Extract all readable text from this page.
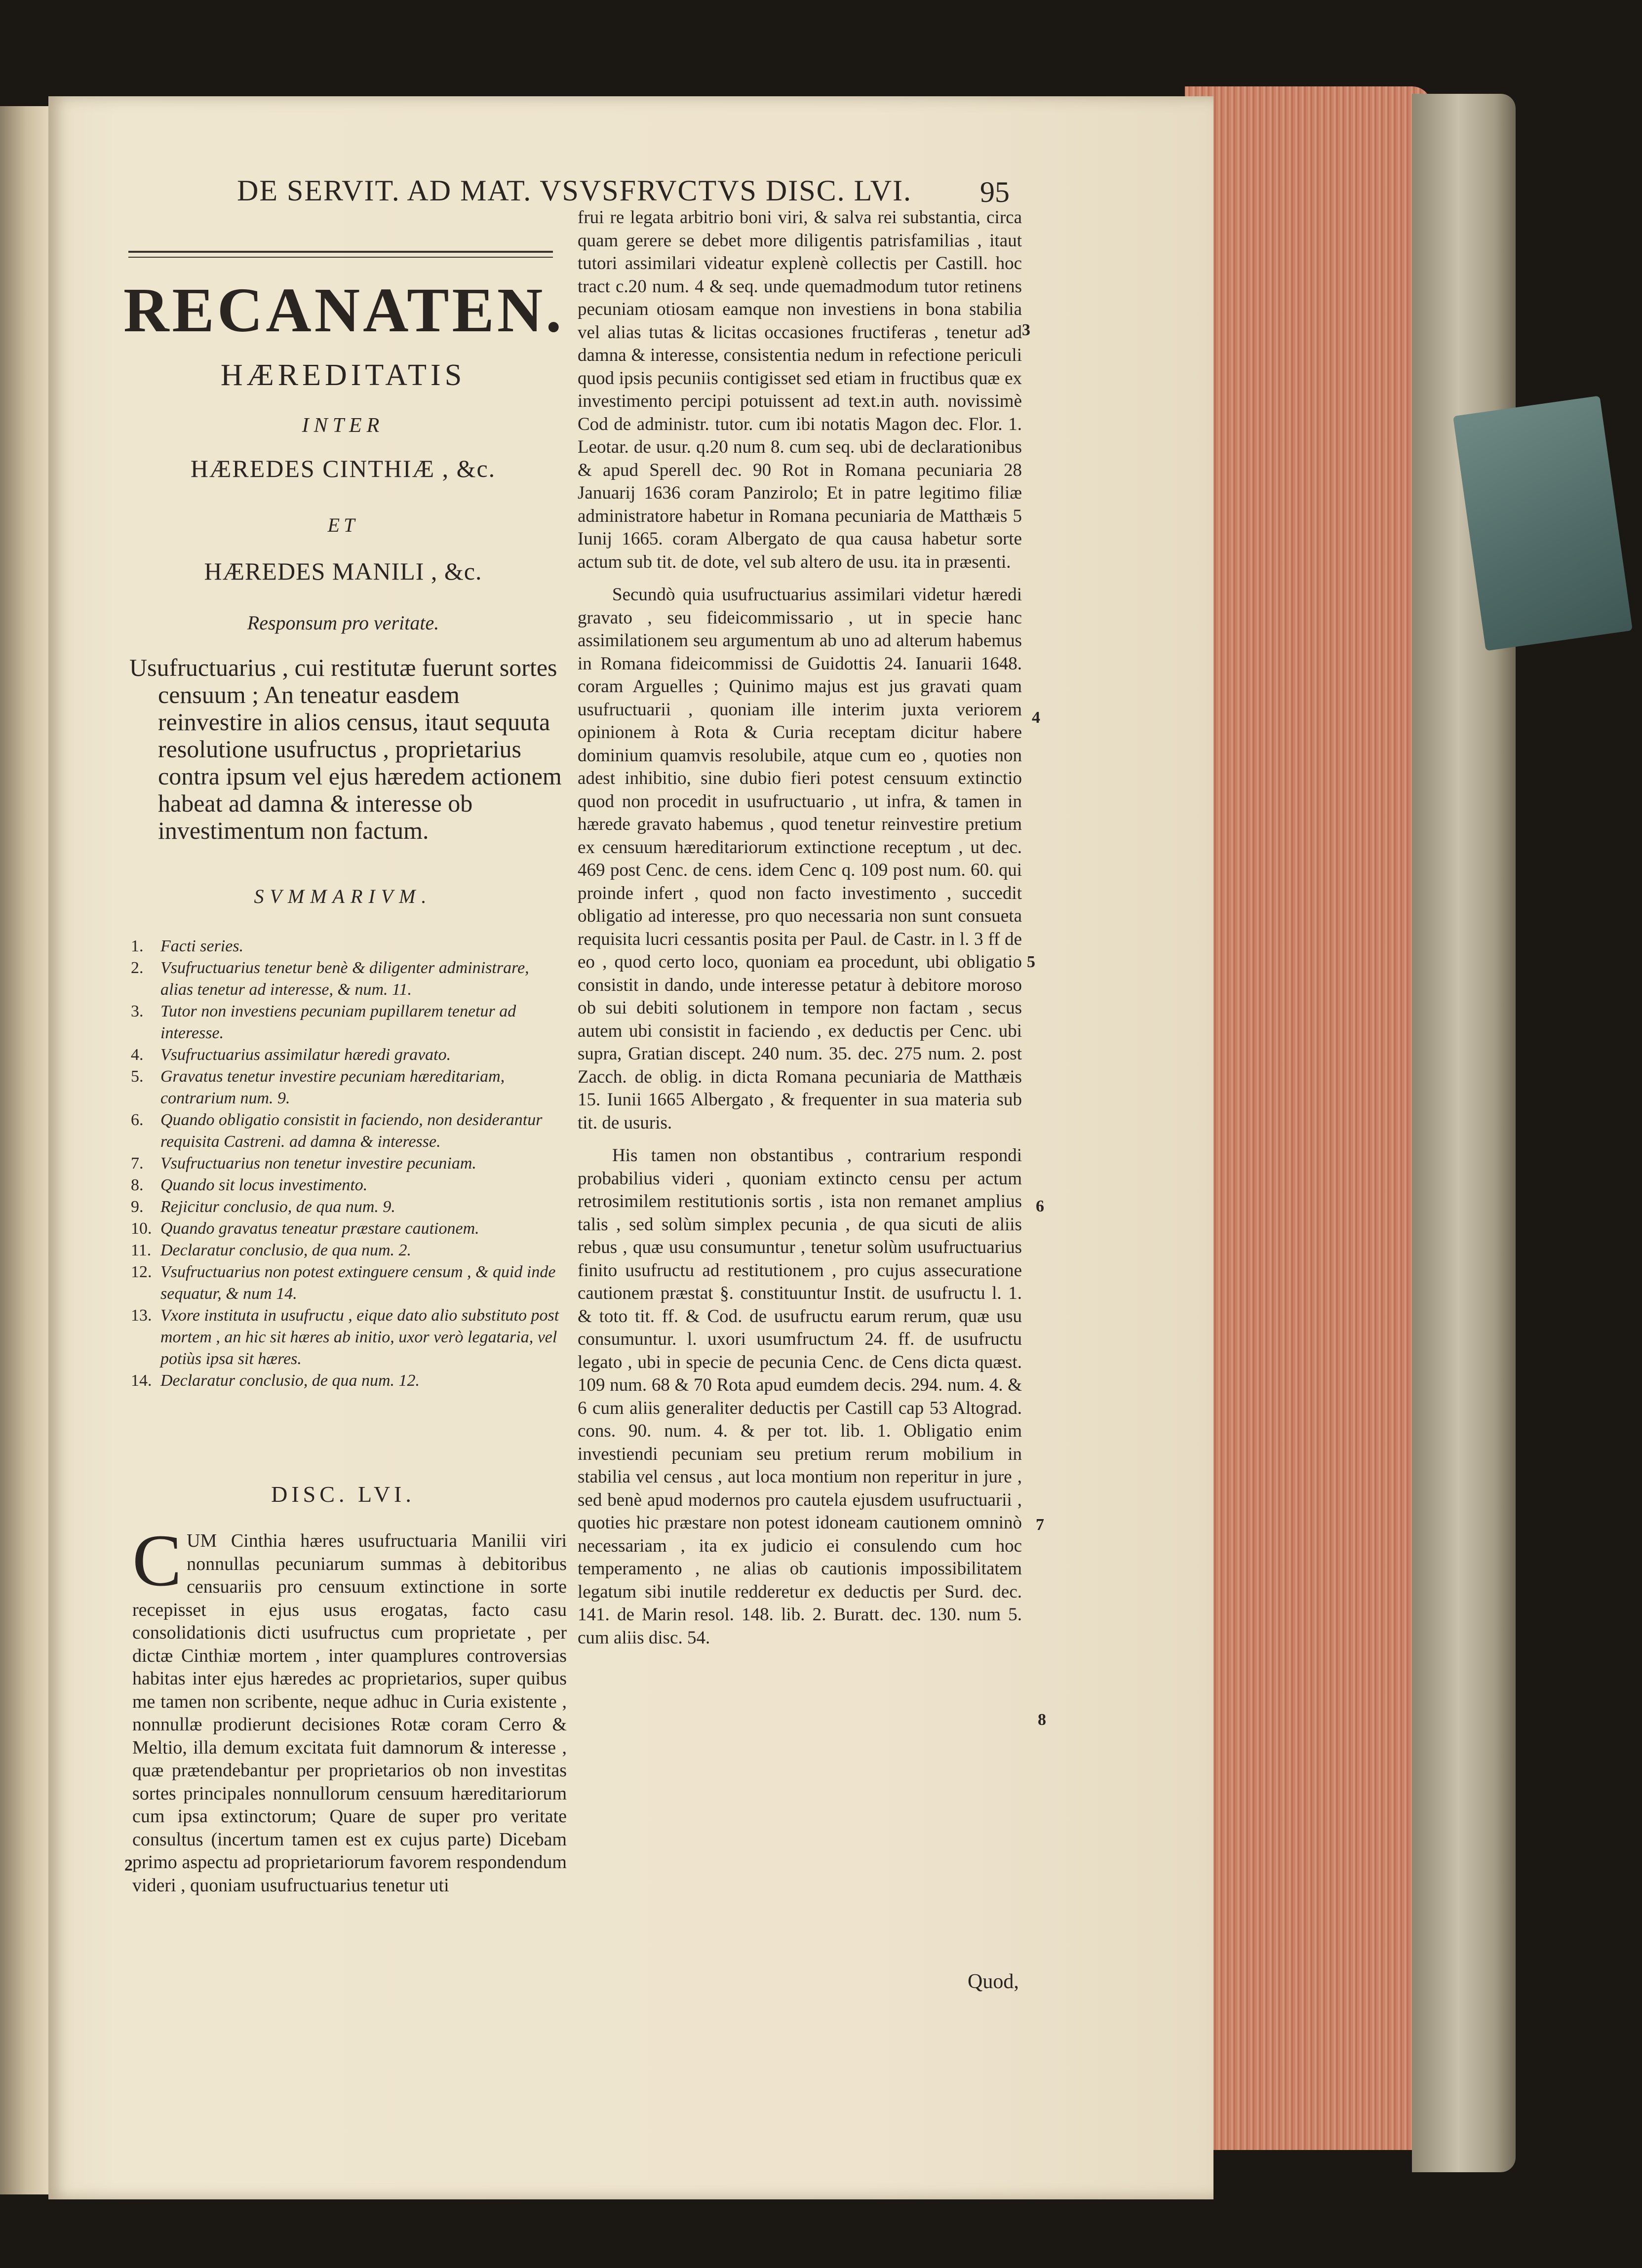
DE SERVIT. AD MAT. VSVSFRVCTVS DISC. LVI.	95
RECANATEN.
HÆREDITATIS
INTER
HÆREDES CINTHIÆ , &c.
ET
HÆREDES MANILI , &c.
Responsum pro veritate.
Usufructuarius , cui restitutæ fuerunt sortes
censuum ; An teneatur easdem reinvestire in alios census, itaut sequuta resolutione usufructus , proprietarius contra ipsum vel ejus hæredem actionem habeat ad damna & interesse ob investimentum non factum.
SVMMARIVM.
1.	Facti series.
2.	Vsufructuarius tenetur benè & diligenter administrare, alias tenetur ad interesse, & num. 11.
3.	Tutor non investiens pecuniam pupillarem tenetur ad interesse.
4.	Vsufructuarius assimilatur hæredi gravato.
5.	Gravatus tenetur investire pecuniam hæreditariam, contrarium num. 9.
6.	Quando obligatio consistit in faciendo, non desiderantur requisita Castreni. ad damna & interesse.
7.	Vsufructuarius non tenetur investire pecuniam.
8.	Quando sit locus investimento.
9.	Rejicitur conclusio, de qua num. 9.
10. Quando gravatus teneatur præstare cautionem.
11. Declaratur conclusio, de qua num. 2.
12. Vsufructuarius non potest extinguere censum , & quid inde sequatur, & num 14.
13. Vxore instituta in usufructu , eique dato alio substituto post mortem , an hic sit hæres ab initio, uxor verò legataria, vel potiùs ipsa sit hæres.
14. Declaratur conclusio, de qua num. 12.
DISC. LVI.
CUM Cinthia hæres usufructuaria Manilii viri nonnullas pecuniarum summas à debitoribus censuariis pro censuum extinctione in sorte recepisset in ejus usus erogatas, facto casu consolidationis dicti usufructus cum proprietate , per dictæ Cinthiæ mortem , inter quamplures controversias habitas inter ejus hæredes ac proprietarios, super quibus me tamen non scribente, neque adhuc in Curia existente , nonnullæ prodierunt decisiones Rotæ coram Cerro & Meltio, illa demum excitata fuit damnorum & interesse , quæ prætendebantur per proprietarios ob non investitas sortes principales nonnullorum censuum hæreditariorum cum ipsa extinctorum; Quare de super pro veritate consultus (incertum tamen est ex cujus parte) Dicebam primo aspectu ad proprietariorum favorem respondendum videri , quoniam usufructuarius tenetur uti

frui re legata arbitrio boni viri, & salva rei substantia, circa quam gerere se debet more diligentis patrisfamilias , itaut tutori assimilari videatur explenè collectis per Castill. hoc tract c.20 num. 4 & seq. unde quemadmodum tutor retinens pecuniam otiosam eamque non investiens in bona stabilia vel alias tutas & licitas occasiones fructiferas , tenetur ad damna & interesse, consistentia nedum in refectione periculi quod ipsis pecuniis contigisset sed etiam in fructibus quæ ex investimento percipi potuissent ad text.in auth. novissimè Cod de administr. tutor. cum ibi notatis Magon dec. Flor. 1. Leotar. de usur. q.20 num 8. cum seq. ubi de declarationibus & apud Sperell dec. 90 Rot in Romana pecuniaria 28 Januarij 1636 coram Panzirolo; Et in patre legitimo filiæ administratore habetur in Romana pecuniaria de Matthæis 5 Iunij 1665. coram Albergato de qua causa habetur sorte actum sub tit. de dote, vel sub altero de usu. ita in præsenti.

Secundò quia usufructuarius assimilari videtur hæredi gravato , seu fideicommissario , ut in specie hanc assimilationem seu argumentum ab uno ad alterum habemus in Romana fideicommissi de Guidottis 24. Ianuarii 1648. coram Arguelles ; Quinimo majus est jus gravati quam usufructuarii , quoniam ille interim juxta veriorem opinionem à Rota & Curia receptam dicitur habere dominium quamvis resolubile, atque cum eo , quoties non adest inhibitio, sine dubio fieri potest censuum extinctio quod non procedit in usufructuario , ut infra, & tamen in hærede gravato habemus , quod tenetur reinvestire pretium ex censuum hæreditariorum extinctione receptum , ut dec. 469 post Cenc. de cens. idem Cenc q. 109 post num. 60. qui proinde infert , quod non facto investimento , succedit obligatio ad interesse, pro quo necessaria non sunt consueta requisita lucri cessantis posita per Paul. de Castr. in l. 3 ff de eo , quod certo loco, quoniam ea procedunt, ubi obligatio consistit in dando, unde interesse petatur à debitore moroso ob sui debiti solutionem in tempore non factam , secus autem ubi consistit in faciendo , ex deductis per Cenc. ubi supra, Gratian discept. 240 num. 35. dec. 275 num. 2. post Zacch. de oblig. in dicta Romana pecuniaria de Matthæis 15. Iunii 1665 Albergato , & frequenter in sua materia sub tit. de usuris.

His tamen non obstantibus , contrarium respondi probabilius videri , quoniam extincto censu per actum retrosimilem restitutionis sortis , ista non remanet amplius talis , sed solùm simplex pecunia , de qua sicuti de aliis rebus , quæ usu consumuntur , tenetur solùm usufructuarius finito usufructu ad restitutionem , pro cujus assecuratione cautionem præstat §. constituuntur Instit. de usufructu l. 1. & toto tit. ff. & Cod. de usufructu earum rerum, quæ usu consumuntur. l. uxori usumfructum 24. ff. de usufructu legato , ubi in specie de pecunia Cenc. de Cens dicta quæst. 109 num. 68 & 70 Rota apud eumdem decis. 294. num. 4. & 6 cum aliis generaliter deductis per Castill cap 53 Altograd. cons. 90. num. 4. & per tot. lib. 1. Obligatio enim investiendi pecuniam seu pretium rerum mobilium in stabilia vel census , aut loca montium non reperitur in jure , sed benè apud modernos pro cautela ejusdem usufructuarii , quoties hic præstare non potest idoneam cautionem omninò necessariam , ita ex judicio ei consulendo cum hoc temperamento , ne alias ob cautionis impossibilitatem legatum sibi inutile redderetur ex deductis per Surd. dec. 141. de Marin resol. 148. lib. 2. Buratt. dec. 130. num 5. cum aliis disc. 54.

3
4
5
6
7
8
2
Quod,
